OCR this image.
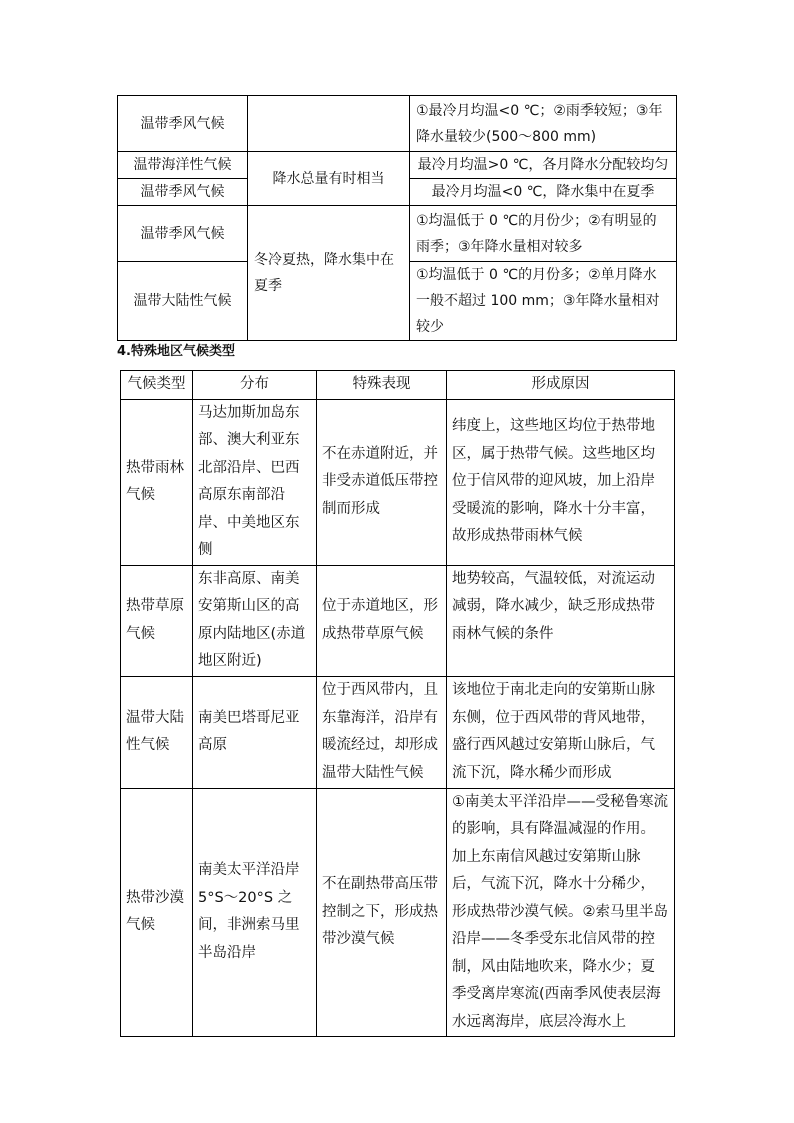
温带季风气候		①最冷月均温<0 ℃；②雨季较短；③年降水量较少(500～800 mm)
温带海洋性气候	降水总量有时相当	最冷月均温>0 ℃，各月降水分配较均匀
温带季风气候		最冷月均温<0 ℃，降水集中在夏季
温带季风气候	冬冷夏热，降水集中在夏季	①均温低于 0 ℃的月份少；②有明显的雨季；③年降水量相对较多
温带大陆性气候		①均温低于 0 ℃的月份多；②单月降水一般不超过 100 mm；③年降水量相对较少
4.特殊地区气候类型
气候类型	分布	特殊表现	形成原因
热带雨林气候	马达加斯加岛东部、澳大利亚东北部沿岸、巴西高原东南部沿岸、中美地区东侧	不在赤道附近，并非受赤道低压带控制而形成	纬度上，这些地区均位于热带地区，属于热带气候。这些地区均位于信风带的迎风坡，加上沿岸受暖流的影响，降水十分丰富，故形成热带雨林气候
热带草原气候	东非高原、南美安第斯山区的高原内陆地区(赤道地区附近)	位于赤道地区，形成热带草原气候	地势较高，气温较低，对流运动减弱，降水减少，缺乏形成热带雨林气候的条件
温带大陆性气候	南美巴塔哥尼亚高原	位于西风带内，且东靠海洋，沿岸有暖流经过，却形成温带大陆性气候	该地位于南北走向的安第斯山脉东侧，位于西风带的背风地带，盛行西风越过安第斯山脉后，气流下沉，降水稀少而形成
热带沙漠气候	南美太平洋沿岸5°S～20°S 之间，非洲索马里半岛沿岸	不在副热带高压带控制之下，形成热带沙漠气候	①南美太平洋沿岸——受秘鲁寒流的影响，具有降温减湿的作用。加上东南信风越过安第斯山脉后，气流下沉，降水十分稀少，形成热带沙漠气候。②索马里半岛沿岸——冬季受东北信风带的控制，风由陆地吹来，降水少；夏季受离岸寒流(西南季风使表层海水远离海岸，底层冷海水上
